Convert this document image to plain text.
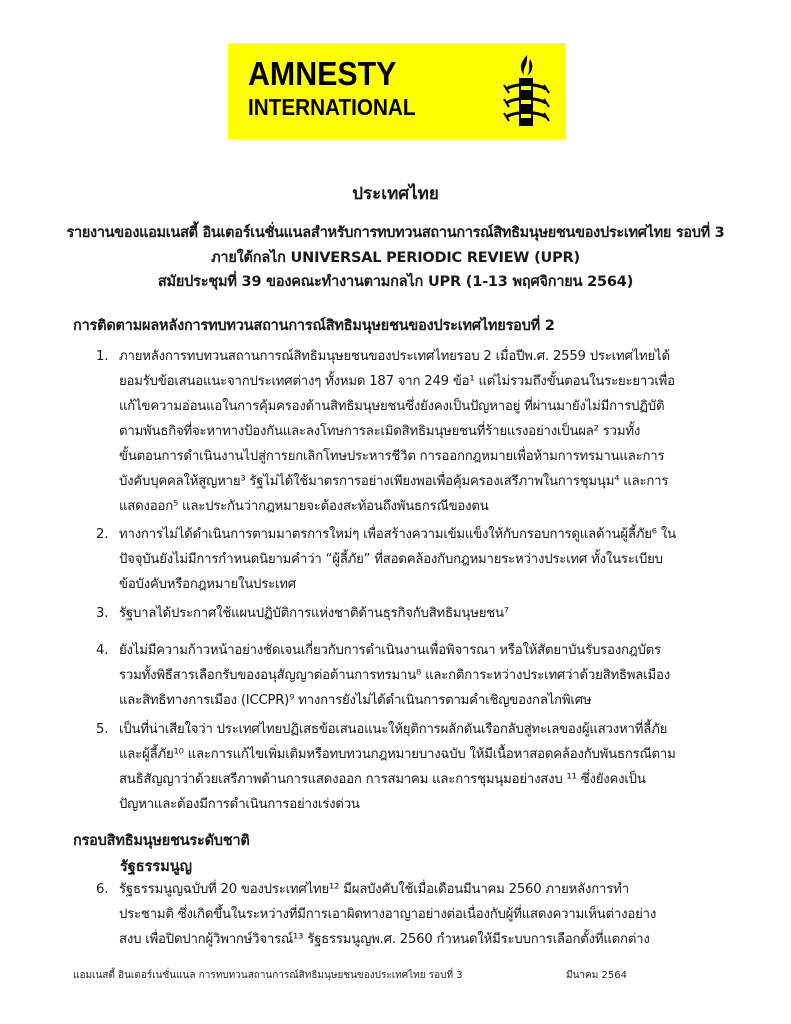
AMNESTY
INTERNATIONAL
ประเทศไทย
รายงานของแอมเนสตี้ อินเตอร์เนชั่นแนลสำหรับการทบทวนสถานการณ์สิทธิมนุษยชนของประเทศไทย รอบที่ 3
ภายใต้กลไก UNIVERSAL PERIODIC REVIEW (UPR)
สมัยประชุมที่ 39 ของคณะทำงานตามกลไก UPR (1-13 พฤศจิกายน 2564)
การติดตามผลหลังการทบทวนสถานการณ์สิทธิมนุษยชนของประเทศไทยรอบที่ 2
1. ภายหลังการทบทวนสถานการณ์สิทธิมนุษยชนของประเทศไทยรอบ 2 เมื่อปีพ.ศ. 2559 ประเทศไทยได้
ยอมรับข้อเสนอแนะจากประเทศต่างๆ ทั้งหมด 187 จาก 249 ข้อ¹ แต่ไม่รวมถึงขั้นตอนในระยะยาวเพื่อ
แก้ไขความอ่อนแอในการคุ้มครองด้านสิทธิมนุษยชนซึ่งยังคงเป็นปัญหาอยู่ ที่ผ่านมายังไม่มีการปฏิบัติ
ตามพันธกิจที่จะหาทางป้องกันและลงโทษการละเมิดสิทธิมนุษยชนที่ร้ายแรงอย่างเป็นผล² รวมทั้ง
ขั้นตอนการดำเนินงานไปสู่การยกเลิกโทษประหารชีวิต การออกกฎหมายเพื่อห้ามการทรมานและการ
บังคับบุคคลให้สูญหาย³ รัฐไม่ได้ใช้มาตรการอย่างเพียงพอเพื่อคุ้มครองเสรีภาพในการชุมนุม⁴ และการ
แสดงออก⁵ และประกันว่ากฎหมายจะต้องสะท้อนถึงพันธกรณีของตน
2. ทางการไม่ได้ดำเนินการตามมาตรการใหม่ๆ เพื่อสร้างความเข้มแข็งให้กับกรอบการดูแลด้านผู้ลี้ภัย⁶ ใน
ปัจจุบันยังไม่มีการกำหนดนิยามคำว่า “ผู้ลี้ภัย” ที่สอดคล้องกับกฎหมายระหว่างประเทศ ทั้งในระเบียบ
ข้อบังคับหรือกฎหมายในประเทศ
3. รัฐบาลได้ประกาศใช้แผนปฏิบัติการแห่งชาติด้านธุรกิจกับสิทธิมนุษยชน⁷
4. ยังไม่มีความก้าวหน้าอย่างชัดเจนเกี่ยวกับการดำเนินงานเพื่อพิจารณา หรือให้สัตยาบันรับรองกฎบัตร
รวมทั้งพิธีสารเลือกรับของอนุสัญญาต่อต้านการทรมาน⁸ และกติการะหว่างประเทศว่าด้วยสิทธิพลเมือง
และสิทธิทางการเมือง (ICCPR)⁹ ทางการยังไม่ได้ดำเนินการตามคำเชิญของกลไกพิเศษ
5. เป็นที่น่าเสียใจว่า ประเทศไทยปฏิเสธข้อเสนอแนะให้ยุติการผลักดันเรือกลับสู่ทะเลของผู้แสวงหาที่ลี้ภัย
และผู้ลี้ภัย¹⁰ และการแก้ไขเพิ่มเติมหรือทบทวนกฎหมายบางฉบับ ให้มีเนื้อหาสอดคล้องกับพันธกรณีตาม
สนธิสัญญาว่าด้วยเสรีภาพด้านการแสดงออก การสมาคม และการชุมนุมอย่างสงบ ¹¹ ซึ่งยังคงเป็น
ปัญหาและต้องมีการดำเนินการอย่างเร่งด่วน
กรอบสิทธิมนุษยชนระดับชาติ
รัฐธรรมนูญ
6. รัฐธรรมนูญฉบับที่ 20 ของประเทศไทย¹² มีผลบังคับใช้เมื่อเดือนมีนาคม 2560 ภายหลังการทำ
ประชามติ ซึ่งเกิดขึ้นในระหว่างที่มีการเอาผิดทางอาญาอย่างต่อเนื่องกับผู้ที่แสดงความเห็นต่างอย่าง
สงบ เพื่อปิดปากผู้วิพากษ์วิจารณ์¹³ รัฐธรรมนูญพ.ศ. 2560 กำหนดให้มีระบบการเลือกตั้งที่แตกต่าง
แอมเนสตี้ อินเตอร์เนชั่นแนล การทบทวนสถานการณ์สิทธิมนุษยชนของประเทศไทย รอบที่ 3	มีนาคม 2564
